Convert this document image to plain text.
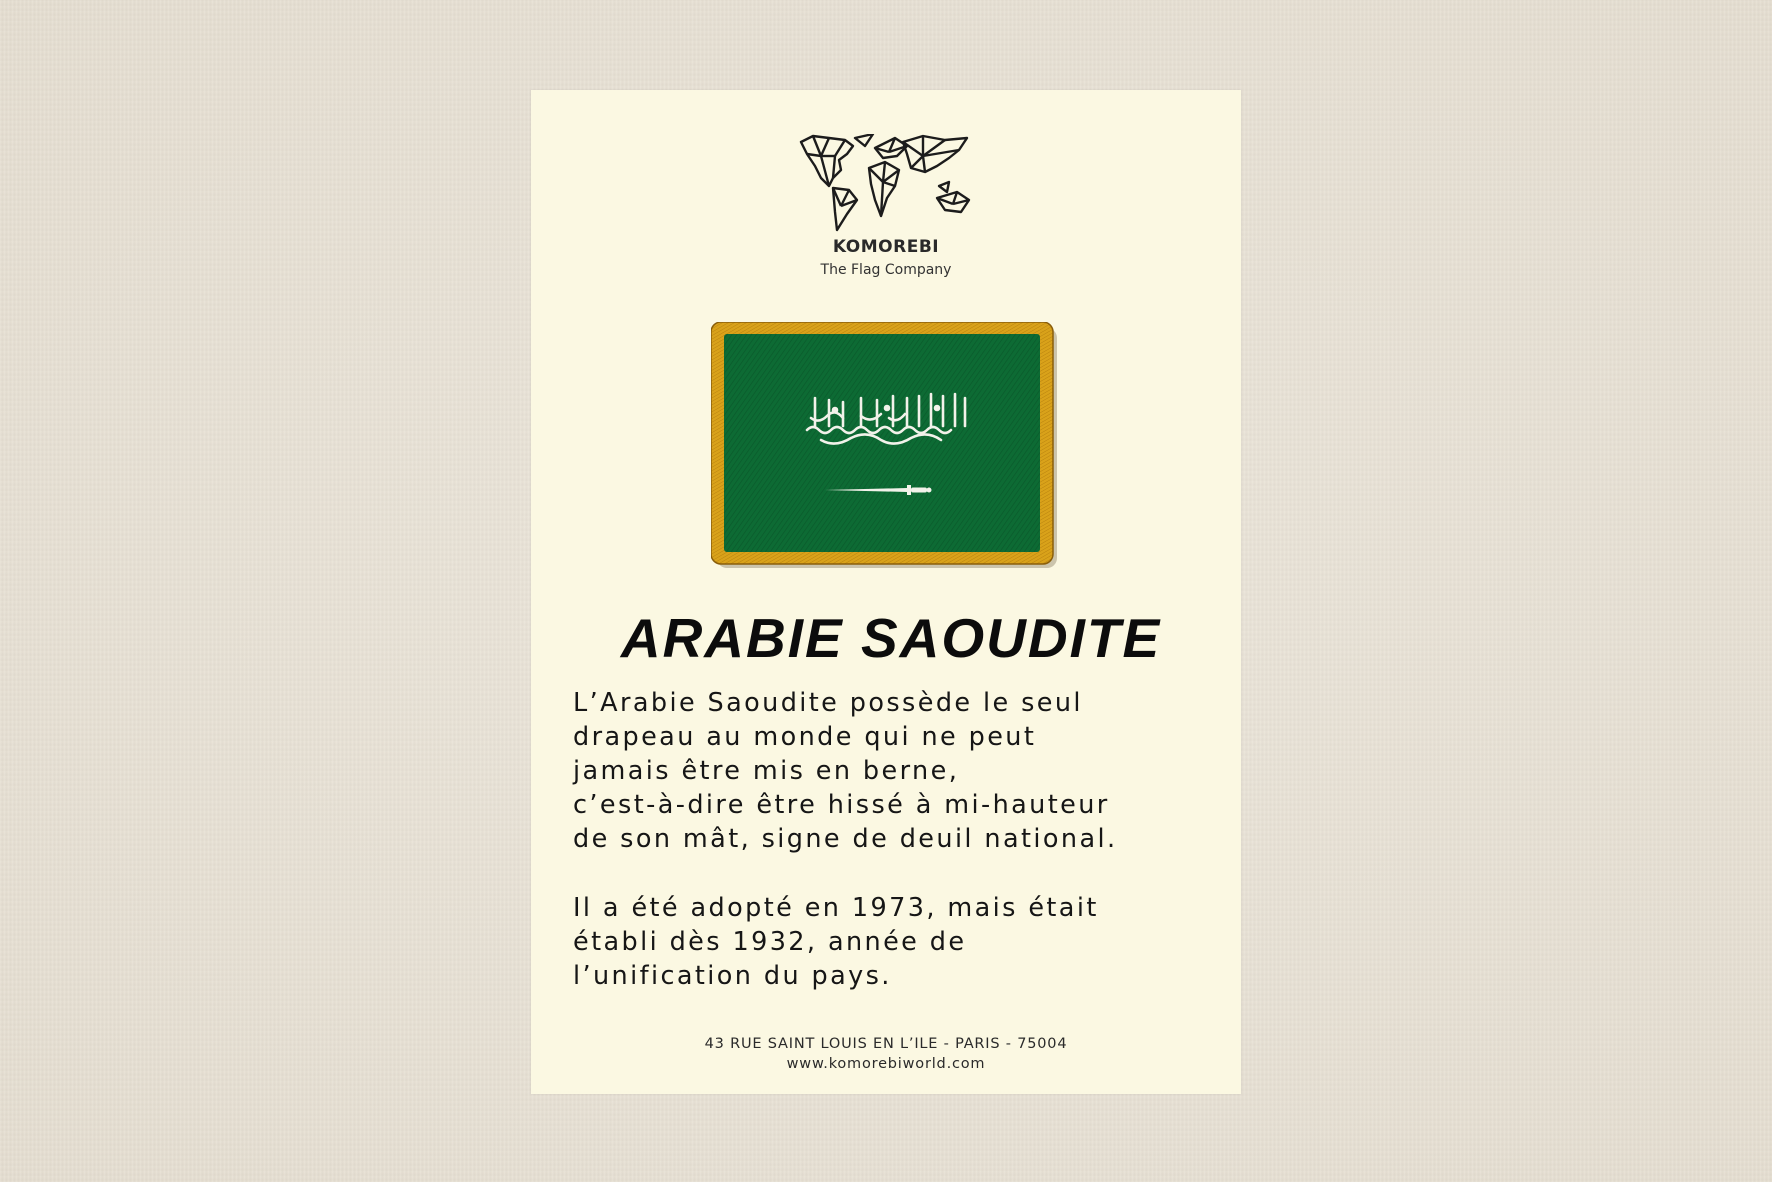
KOMOREBI
The Flag Company
ARABIE SAOUDITE

L’Arabie Saoudite possède le seul
drapeau au monde qui ne peut
jamais être mis en berne,
c’est-à-dire être hissé à mi-hauteur
de son mât, signe de deuil national.

Il a été adopté en 1973, mais était
établi dès 1932, année de
l’unification du pays.

43 RUE SAINT LOUIS EN L’ILE - PARIS - 75004
www.komorebiworld.com
